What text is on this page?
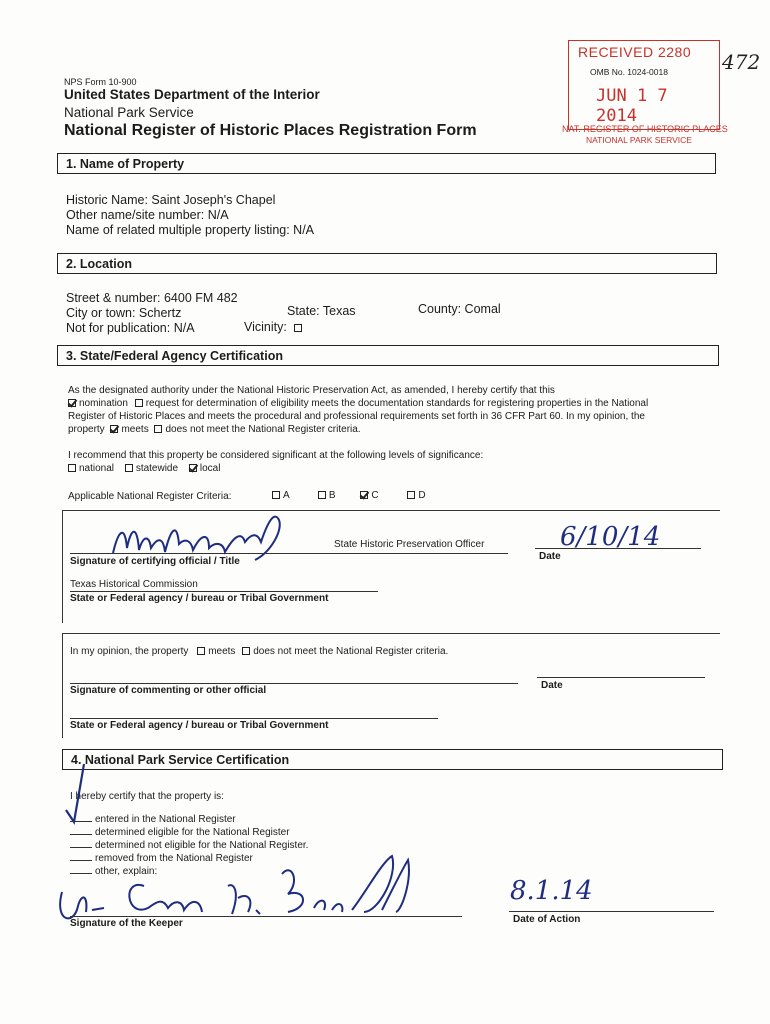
RECEIVED 2280
OMB No. 1024-0018
JUN 1 7 2014
NAT. REGISTER OF HISTORIC PLACES
NATIONAL PARK SERVICE
472
NPS Form 10-900
United States Department of the Interior
National Park Service
National Register of Historic Places Registration Form
1. Name of Property
Historic Name: Saint Joseph's Chapel
Other name/site number: N/A
Name of related multiple property listing: N/A
2. Location
Street & number: 6400 FM 482
City or town: Schertz	State: Texas	County: Comal
Not for publication: N/A	Vicinity:
3. State/Federal Agency Certification
As the designated authority under the National Historic Preservation Act, as amended, I hereby certify that this
nomination request for determination of eligibility meets the documentation standards for registering properties in the National
Register of Historic Places and meets the procedural and professional requirements set forth in 36 CFR Part 60. In my opinion, the
property meets does not meet the National Register criteria.
I recommend that this property be considered significant at the following levels of significance:
national statewide local
Applicable National Register Criteria:	A	B	C	D
State Historic Preservation Officer
Signature of certifying official / Title
6/10/14
Date
Texas Historical Commission
State or Federal agency / bureau or Tribal Government
In my opinion, the property meets does not meet the National Register criteria.
Signature of commenting or other official	Date
State or Federal agency / bureau or Tribal Government
4. National Park Service Certification
I hereby certify that the property is:
entered in the National Register
determined eligible for the National Register
determined not eligible for the National Register.
removed from the National Register
other, explain:
Signature of the Keeper
8.1.14
Date of Action
